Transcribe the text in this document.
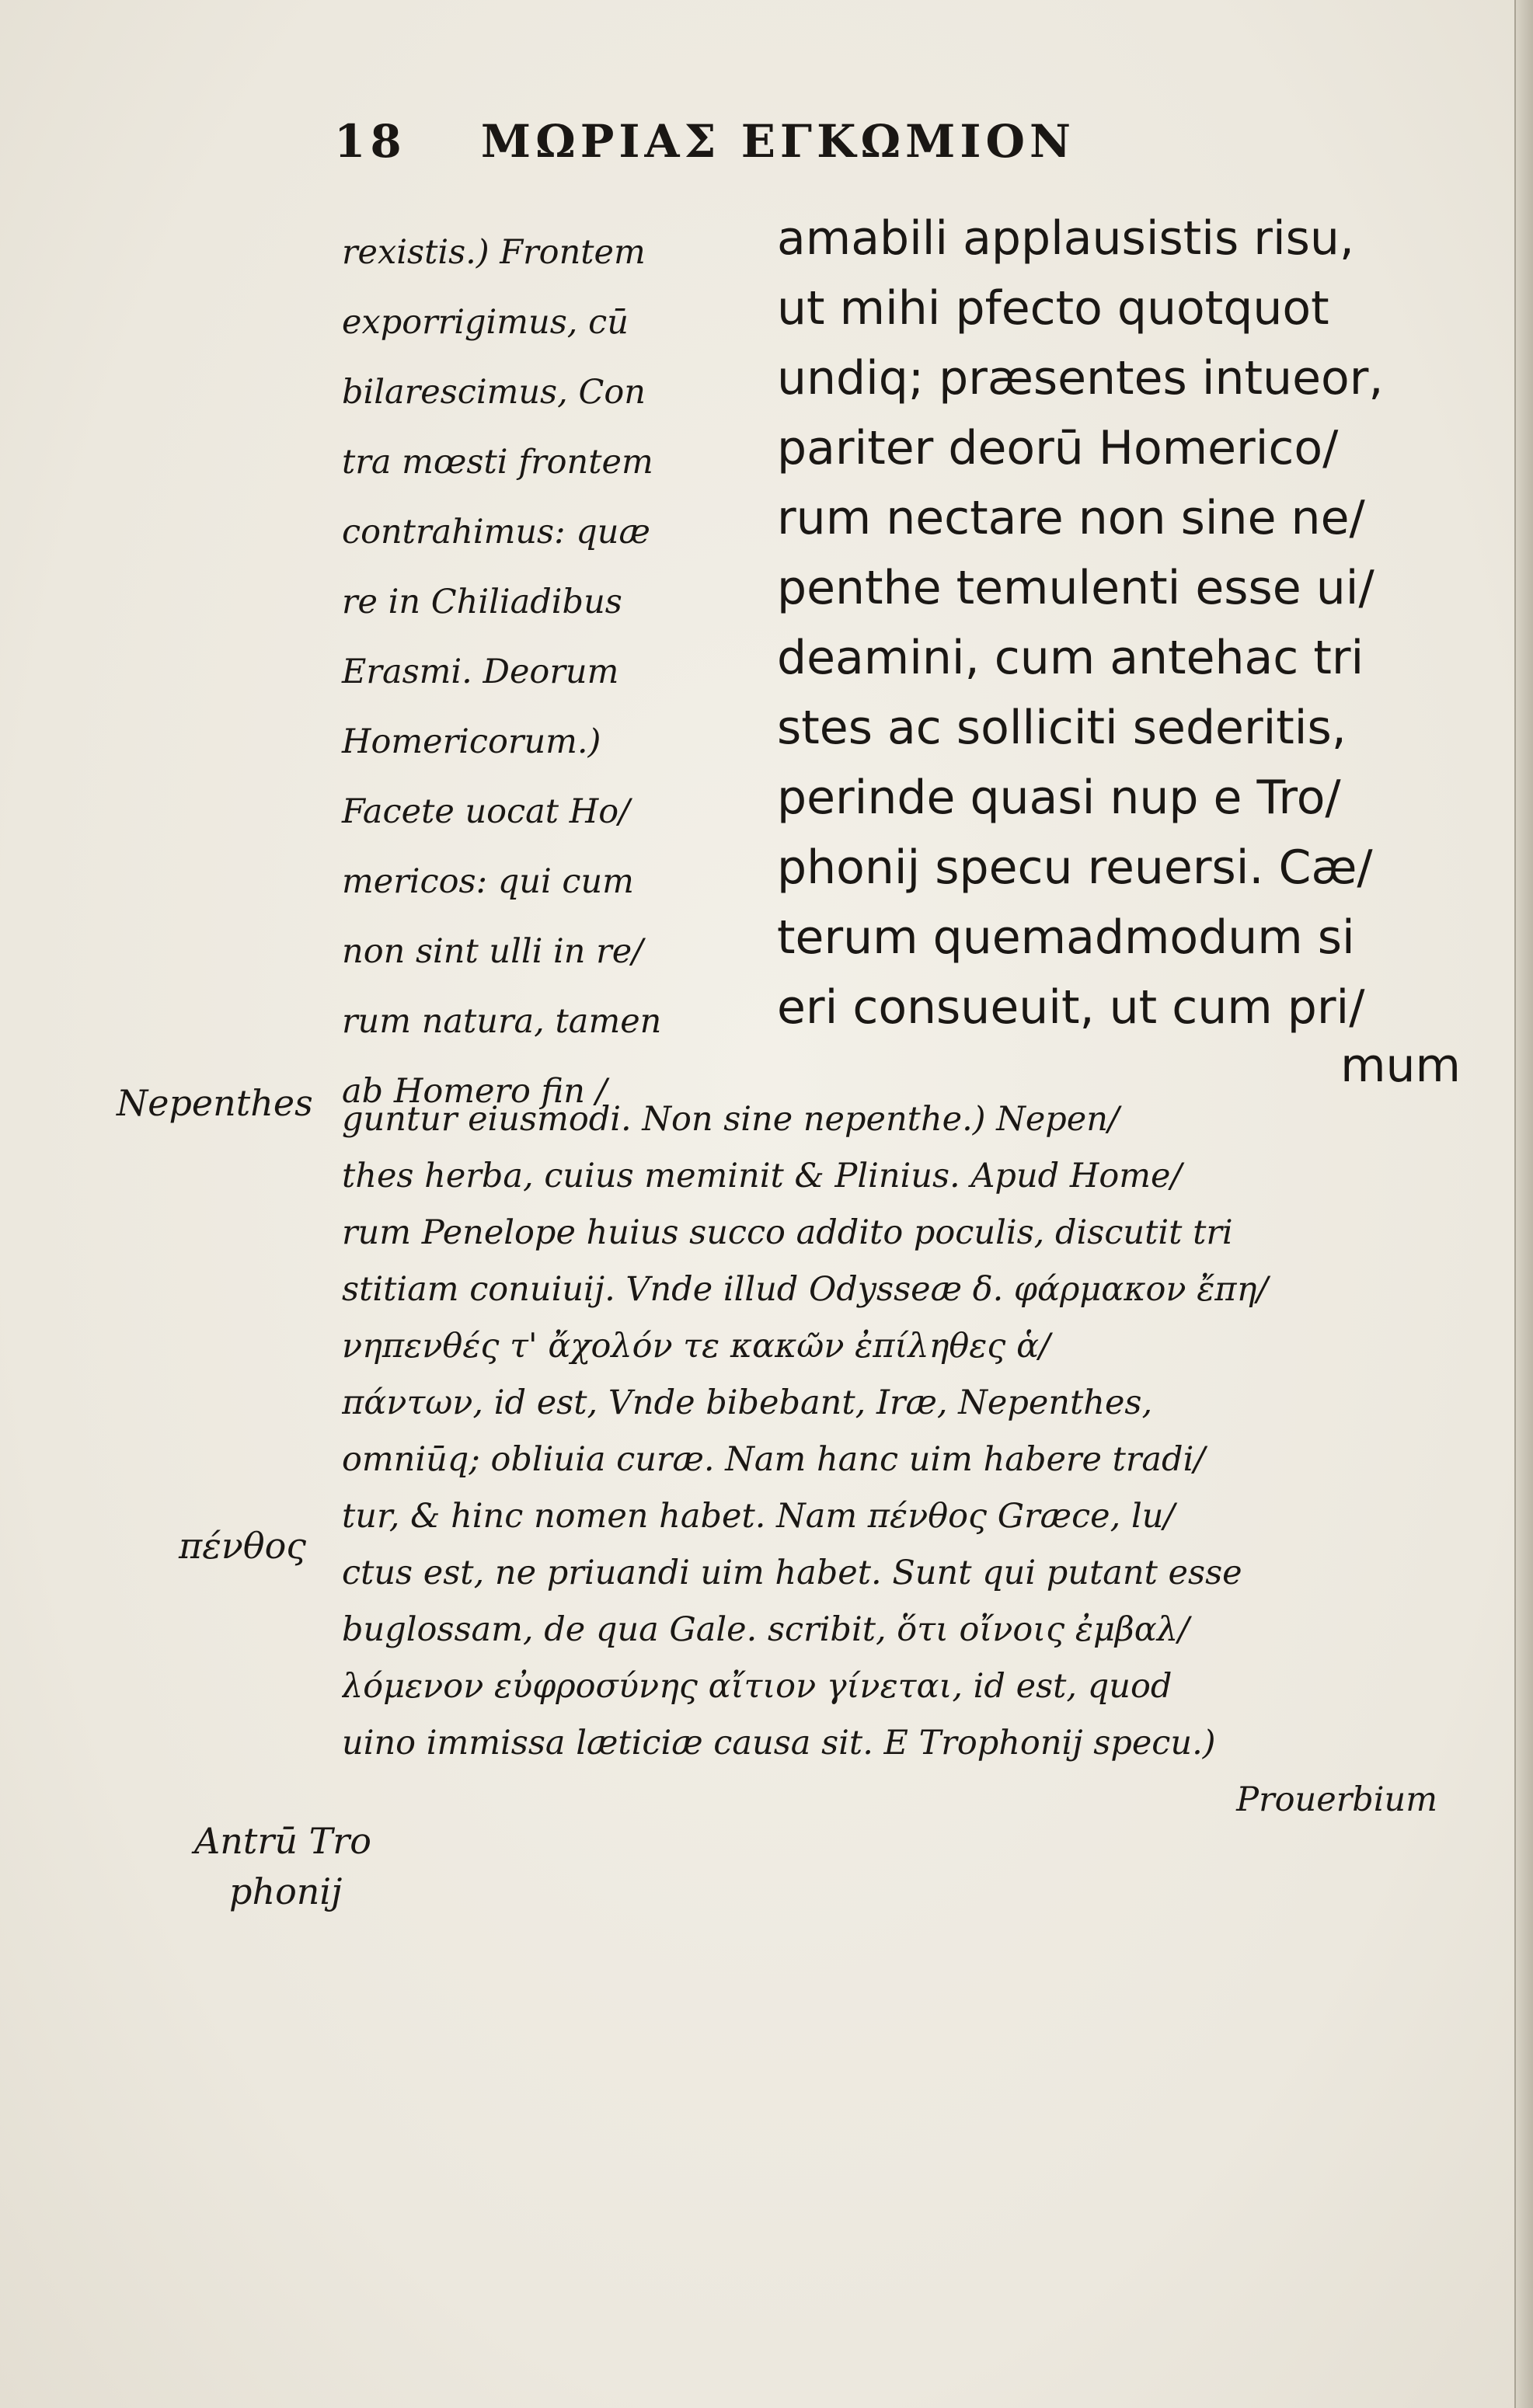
18 ΜΩΡΙΑΣ ΕΓΚΩΜΙΟΝ
rexistis.) Frontem
exporrigimus, cū
bilarescimus, Con
tra mœsti frontem
contrahimus: quæ
re in Chiliadibus
Erasmi. Deorum
Homericorum.)
Facete uocat Ho/
mericos: qui cum
non sint ulli in re/
rum natura, tamen
ab Homero fin /
amabili applausistis risu,
ut mihi pfecto quotquot
undiq; præsentes intueor,
pariter deorū Homerico/
rum nectare non sine ne/
penthe temulenti esse ui/
deamini, cum antehac tri
stes ac solliciti sederitis,
perinde quasi nup e Tro/
phonij specu reuersi. Cæ/
terum quemadmodum si
eri consueuit, ut cum pri/
mum
guntur eiusmodi. Non sine nepenthe.) Nepen/
thes herba, cuius meminit & Plinius. Apud Home/
rum Penelope huius succo addito poculis, discutit tri
stitiam conuiuij. Vnde illud Odysseæ δ. φάρμακον ἔπη/
νηπενθές τ' ἄχολόν τε κακῶν ἐπίληθες ἁ/
πάντων, id est, Vnde bibebant, Iræ, Nepenthes,
omniūq; obliuia curæ. Nam hanc uim habere tradi/
tur, & hinc nomen habet. Nam πένθος Græce, lu/
ctus est, ne priuandi uim habet. Sunt qui putant esse
buglossam, de qua Gale. scribit, ὅτι οἴνοις ἐμβαλ/
λόμενον εὐφροσύνης αἴτιον γίνεται, id est, quod
uino immissa læticiæ causa sit. E Trophonij specu.)
Prouerbium
Nepenthes
πένθος
Antrū Tro
phonij
